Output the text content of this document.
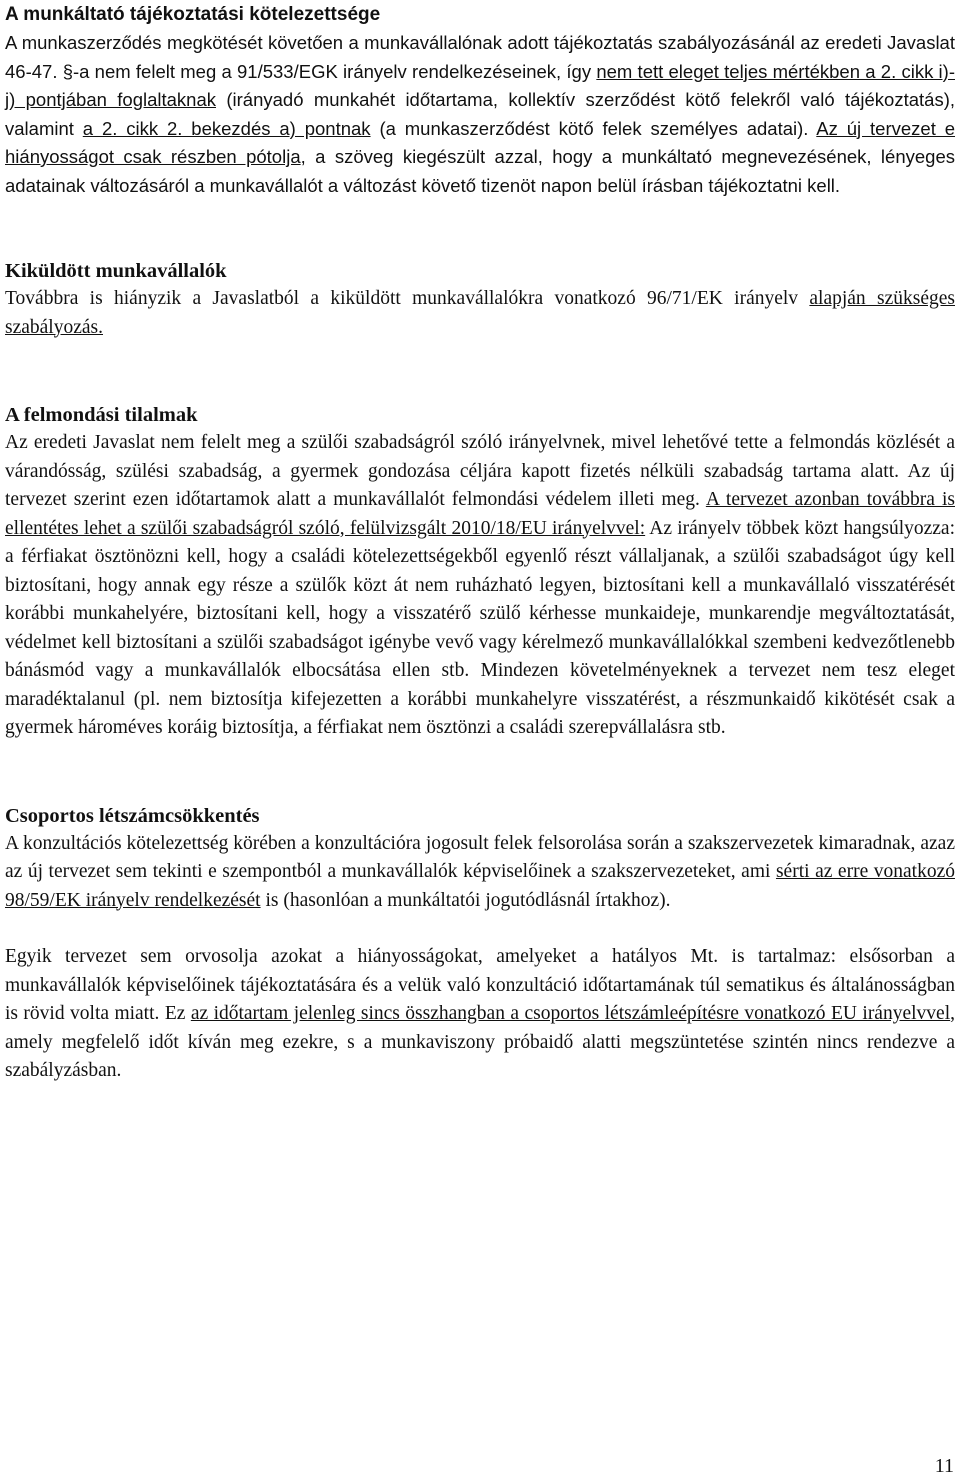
A munkáltató tájékoztatási kötelezettsége

A munkaszerződés megkötését követően a munkavállalónak adott tájékoztatás szabályozásánál az eredeti Javaslat 46-47. §-a nem felelt meg a 91/533/EGK irányelv rendelkezéseinek, így nem tett eleget teljes mértékben a 2. cikk i)-j) pontjában foglaltaknak (irányadó munkahét időtartama, kollektív szerződést kötő felekről való tájékoztatás), valamint a 2. cikk 2. bekezdés a) pontnak (a munkaszerződést kötő felek személyes adatai). Az új tervezet e hiányosságot csak részben pótolja, a szöveg kiegészült azzal, hogy a munkáltató megnevezésének, lényeges adatainak változásáról a munkavállalót a változást követő tizenöt napon belül írásban tájékoztatni kell.

Kiküldött munkavállalók

Továbbra is hiányzik a Javaslatból a kiküldött munkavállalókra vonatkozó 96/71/EK irányelv alapján szükséges szabályozás.

A felmondási tilalmak

Az eredeti Javaslat nem felelt meg a szülői szabadságról szóló irányelvnek, mivel lehetővé tette a felmondás közlését a várandósság, szülési szabadság, a gyermek gondozása céljára kapott fizetés nélküli szabadság tartama alatt. Az új tervezet szerint ezen időtartamok alatt a munkavállalót felmondási védelem illeti meg. A tervezet azonban továbbra is ellentétes lehet a szülői szabadságról szóló, felülvizsgált 2010/18/EU irányelvvel: Az irányelv többek közt hangsúlyozza: a férfiakat ösztönözni kell, hogy a családi kötelezettségekből egyenlő részt vállaljanak, a szülői szabadságot úgy kell biztosítani, hogy annak egy része a szülők közt át nem ruházható legyen, biztosítani kell a munkavállaló visszatérését korábbi munkahelyére, biztosítani kell, hogy a visszatérő szülő kérhesse munkaideje, munkarendje megváltoztatását, védelmet kell biztosítani a szülői szabadságot igénybe vevő vagy kérelmező munkavállalókkal szembeni kedvezőtlenebb bánásmód vagy a munkavállalók elbocsátása ellen stb. Mindezen követelményeknek a tervezet nem tesz eleget maradéktalanul (pl. nem biztosítja kifejezetten a korábbi munkahelyre visszatérést, a részmunkaidő kikötését csak a gyermek hároméves koráig biztosítja, a férfiakat nem ösztönzi a családi szerepvállalásra stb.

Csoportos létszámcsökkentés

A konzultációs kötelezettség körében a konzultációra jogosult felek felsorolása során a szakszervezetek kimaradnak, azaz az új tervezet sem tekinti e szempontból a munkavállalók képviselőinek a szakszervezeteket, ami sérti az erre vonatkozó 98/59/EK irányelv rendelkezését is (hasonlóan a munkáltatói jogutódlásnál írtakhoz).

Egyik tervezet sem orvosolja azokat a hiányosságokat, amelyeket a hatályos Mt. is tartalmaz: elsősorban a munkavállalók képviselőinek tájékoztatására és a velük való konzultáció időtartamának túl sematikus és általánosságban is rövid volta miatt. Ez az időtartam jelenleg sincs összhangban a csoportos létszámleépítésre vonatkozó EU irányelvvel, amely megfelelő időt kíván meg ezekre, s a munkaviszony próbaidő alatti megszüntetése szintén nincs rendezve a szabályzásban.

11
